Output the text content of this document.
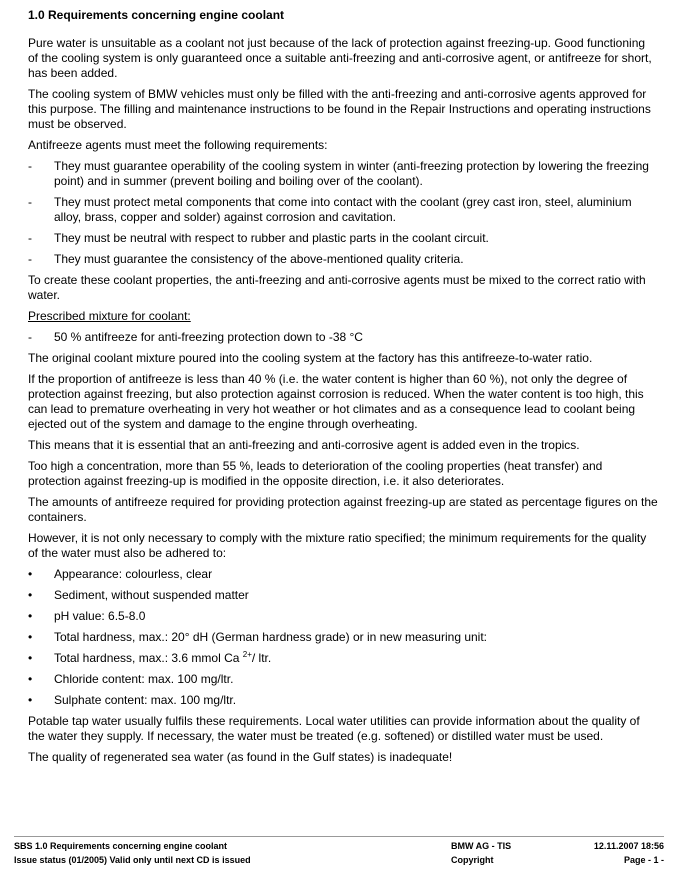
1.0 Requirements concerning engine coolant

Pure water is unsuitable as a coolant not just because of the lack of protection against freezing-up. Good functioning of the cooling system is only guaranteed once a suitable anti-freezing and anti-corrosive agent, or antifreeze for short, has been added.

The cooling system of BMW vehicles must only be filled with the anti-freezing and anti-corrosive agents approved for this purpose. The filling and maintenance instructions to be found in the Repair Instructions and operating instructions must be observed.

Antifreeze agents must meet the following requirements:

-	They must guarantee operability of the cooling system in winter (anti-freezing protection by lowering the freezing point) and in summer (prevent boiling and boiling over of the coolant).
-	They must protect metal components that come into contact with the coolant (grey cast iron, steel, aluminium alloy, brass, copper and solder) against corrosion and cavitation.
-	They must be neutral with respect to rubber and plastic parts in the coolant circuit.
-	They must guarantee the consistency of the above-mentioned quality criteria.

To create these coolant properties, the anti-freezing and anti-corrosive agents must be mixed to the correct ratio with water.

Prescribed mixture for coolant:

-	50 % antifreeze for anti-freezing protection down to -38 °C

The original coolant mixture poured into the cooling system at the factory has this antifreeze-to-water ratio.

If the proportion of antifreeze is less than 40 % (i.e. the water content is higher than 60 %), not only the degree of protection against freezing, but also protection against corrosion is reduced. When the water content is too high, this can lead to premature overheating in very hot weather or hot climates and as a consequence lead to coolant being ejected out of the system and damage to the engine through overheating.

This means that it is essential that an anti-freezing and anti-corrosive agent is added even in the tropics.

Too high a concentration, more than 55 %, leads to deterioration of the cooling properties (heat transfer) and protection against freezing-up is modified in the opposite direction, i.e. it also deteriorates.

The amounts of antifreeze required for providing protection against freezing-up are stated as percentage figures on the containers.

However, it is not only necessary to comply with the mixture ratio specified; the minimum requirements for the quality of the water must also be adhered to:

•	Appearance: colourless, clear
•	Sediment, without suspended matter
•	pH value: 6.5-8.0
•	Total hardness, max.: 20° dH (German hardness grade) or in new measuring unit:
•	Total hardness, max.: 3.6 mmol Ca $^{2+}$/ ltr.
•	Chloride content: max. 100 mg/ltr.
•	Sulphate content: max. 100 mg/ltr.

Potable tap water usually fulfils these requirements. Local water utilities can provide information about the quality of the water they supply. If necessary, the water must be treated (e.g. softened) or distilled water must be used.

The quality of regenerated sea water (as found in the Gulf states) is inadequate!

SBS 1.0 Requirements concerning engine coolant	BMW AG - TIS	12.11.2007 18:56
Issue status (01/2005) Valid only until next CD is issued	Copyright	Page - 1 -
